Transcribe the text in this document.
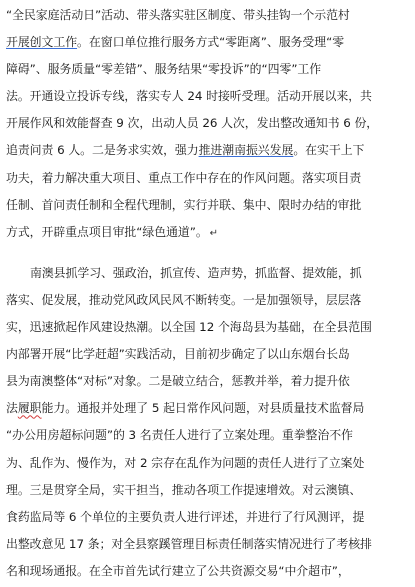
“全民家庭活动日”活动、带头落实驻区制度、带头挂钩一个示范村
开展创文工作。在窗口单位推行服务方式“零距离”、服务受理“零
障碍”、服务质量“零差错”、服务结果“零投诉”的“四零”工作
法。开通设立投诉专线，落实专人 24 时接听受理。活动开展以来，共
开展作风和效能督查 9 次，出动人员 26 人次，发出整改通知书 6 份，
追责问责 6 人。二是务求实效，强力推进潮南振兴发展。在实干上下
功夫，着力解决重大项目、重点工作中存在的作风问题。落实项目责
任制、首问责任制和全程代理制，实行并联、集中、限时办结的审批
方式，开辟重点项目审批“绿色通道”。 ↵
南澳县抓学习、强政治，抓宣传、造声势，抓监督、提效能，抓
落实、促发展，推动党风政风民风不断转变。一是加强领导，层层落
实，迅速掀起作风建设热潮。以全国 12 个海岛县为基础，在全县范围
内部署开展“比学赶超”实践活动，目前初步确定了以山东烟台长岛
县为南澳整体“对标”对象。二是破立结合，惩教并举，着力提升依
法履职能力。通报并处理了 5 起日常作风问题，对县质量技术监督局
“办公用房超标问题”的 3 名责任人进行了立案处理。重拳整治不作
为、乱作为、慢作为，对 2 宗存在乱作为问题的责任人进行了立案处
理。三是贯穿全局，实干担当，推动各项工作提速增效。对云澳镇、
食药监局等 6 个单位的主要负责人进行评述，并进行了行风测评，提
出整改意见 17 条；对全县察蹊管理目标责任制落实情况进行了考核排
名和现场通报。在全市首先试行建立了公共资源交易“中介超市”，
